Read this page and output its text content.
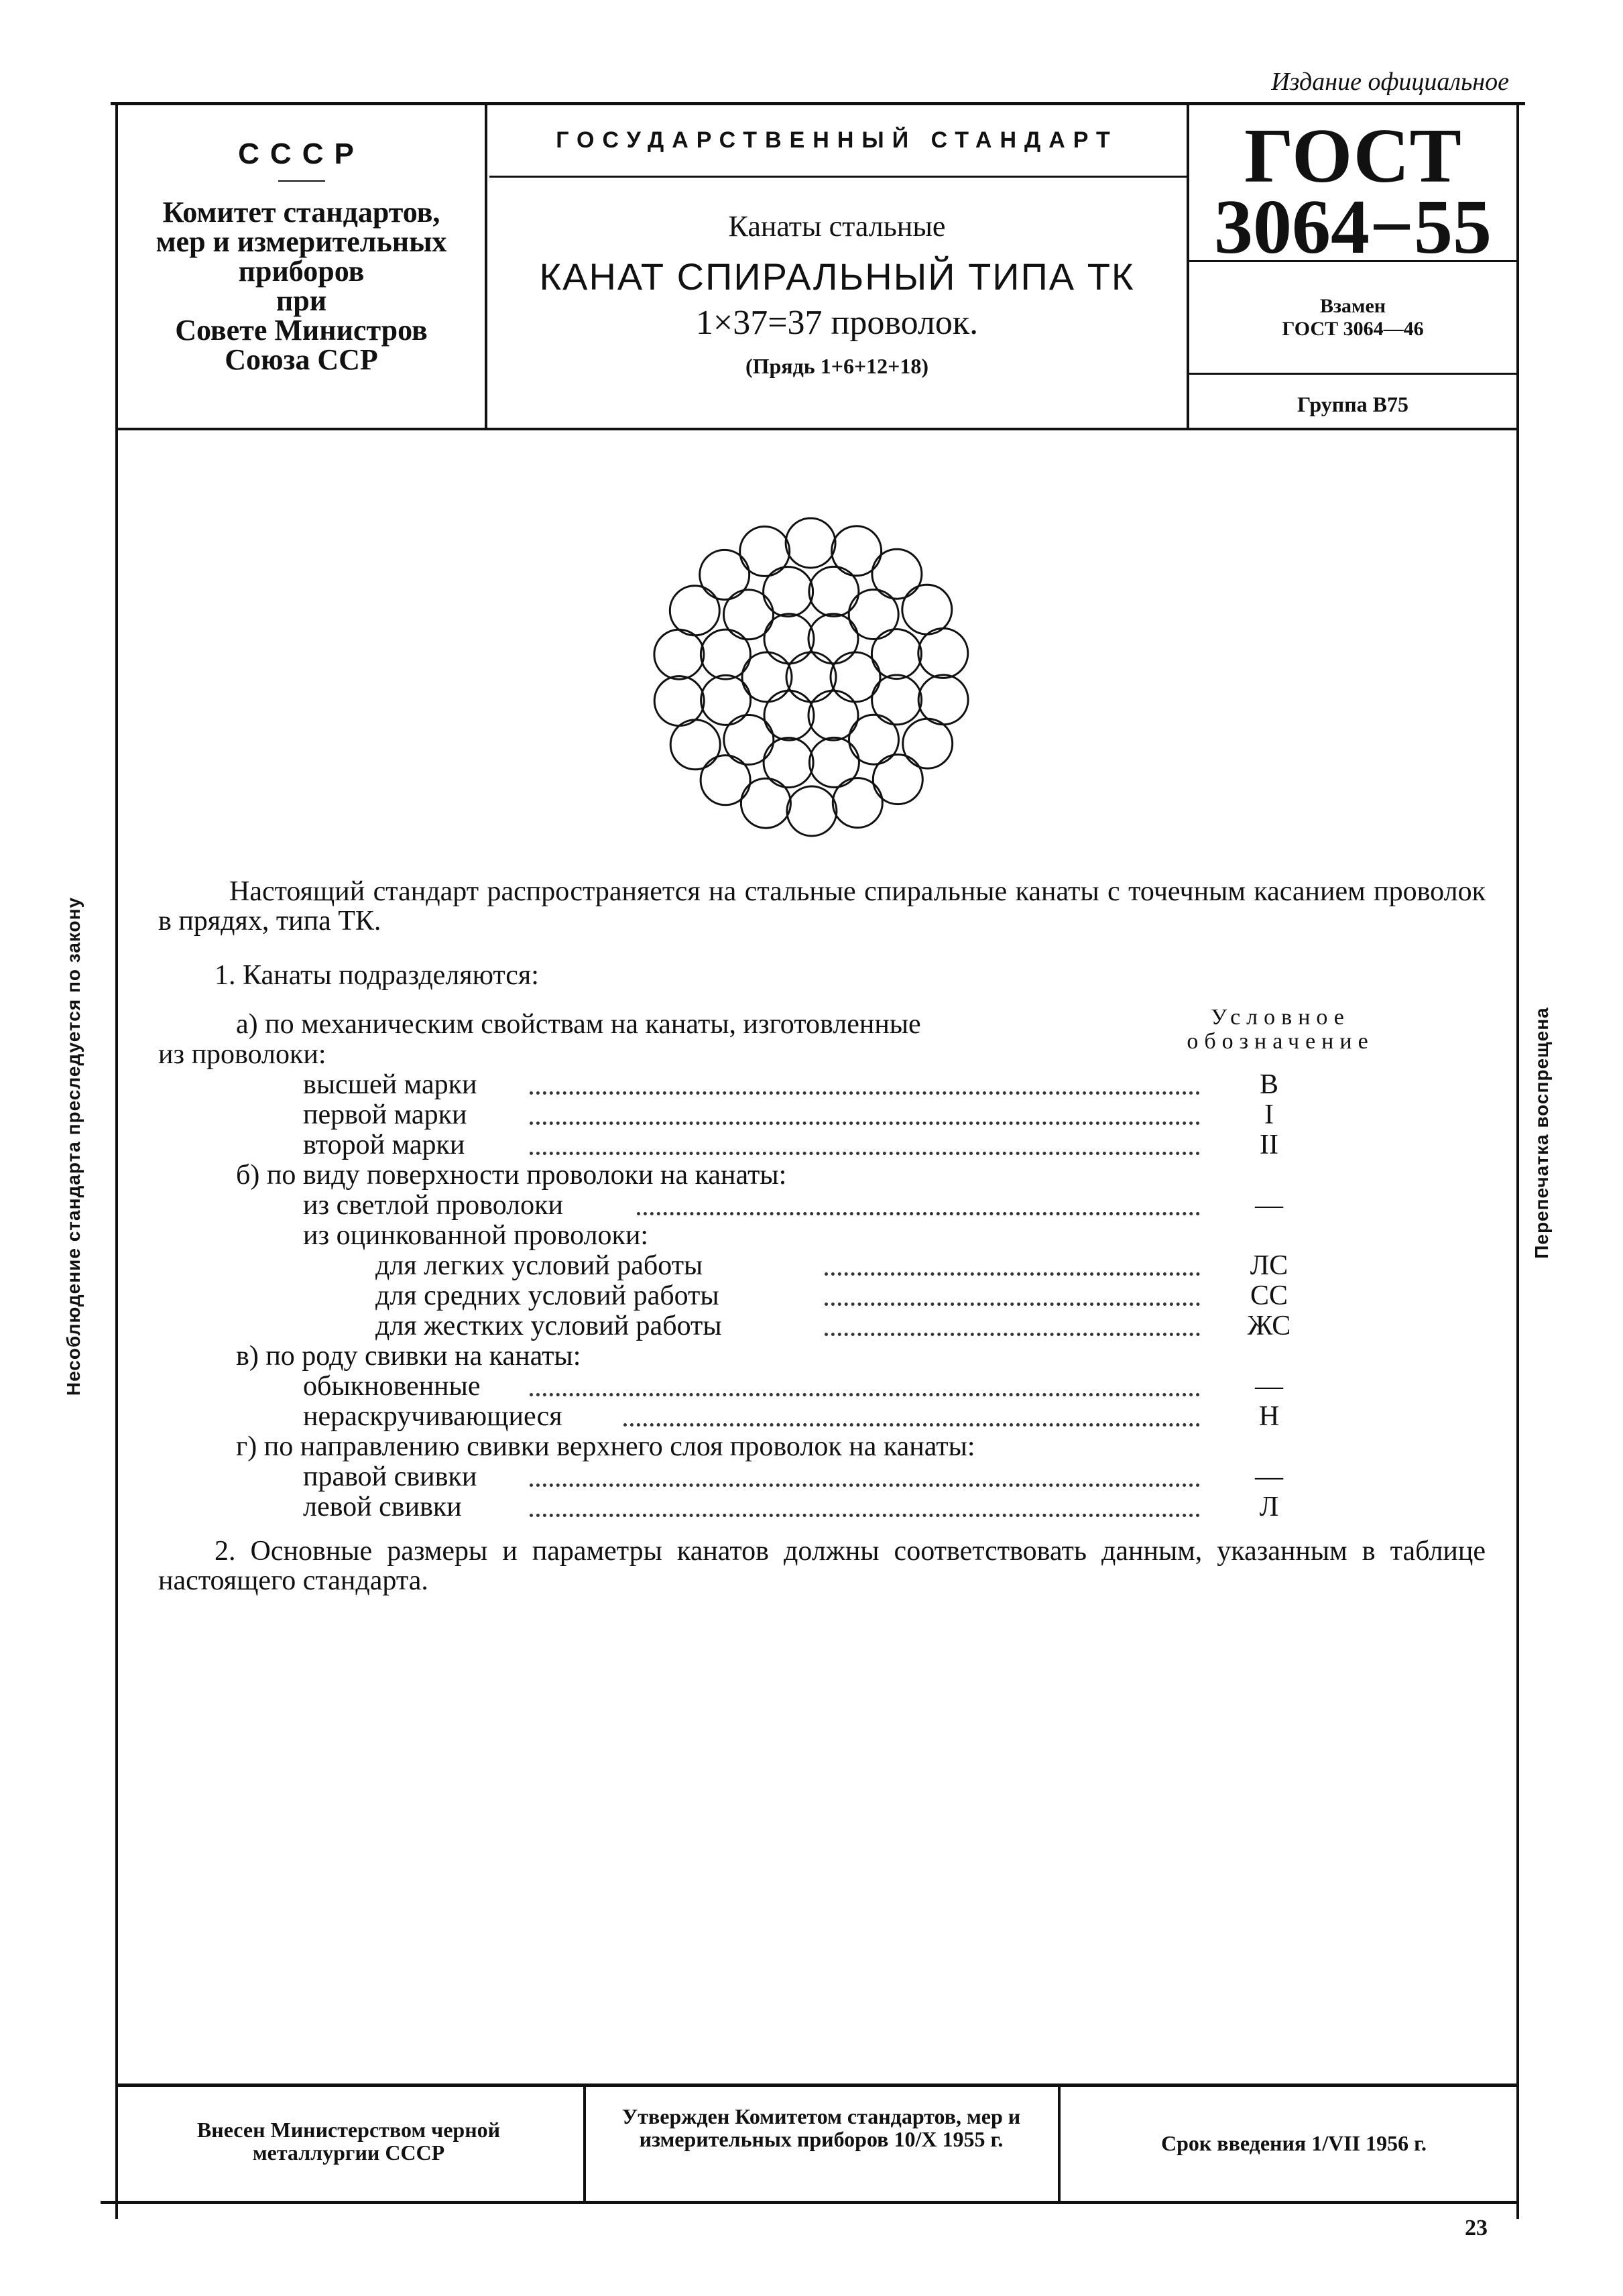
Издание официальное
СССР
Комитет стандартов,
мер и измерительных
приборов
при
Совете Министров
Союза ССР
ГОСУДАРСТВЕННЫЙ СТАНДАРТ
Канаты стальные
КАНАТ СПИРАЛЬНЫЙ ТИПА ТК
1×37=37 проволок.
(Прядь 1+6+12+18)
ГОСТ
3064−55
Взамен
ГОСТ 3064—46
Группа В75
Несоблюдение стандарта преследуется по закону	Перепечатка воспрещена
Настоящий стандарт распространяется на стальные спиральные канаты с точечным касанием проволок в прядях, типа ТК.
1. Канаты подразделяются:
Условное
обозначение
а) по механическим свойствам на канаты, изготовленные
из проволоки:
высшей марки	В
первой марки	I
второй марки	II
б) по виду поверхности проволоки на канаты:
из светлой проволоки	—
из оцинкованной проволоки:
для легких условий работы	ЛС
для средних условий работы	СС
для жестких условий работы	ЖС
в) по роду свивки на канаты:
обыкновенные	—
нераскручивающиеся	Н
г) по направлению свивки верхнего слоя проволок на канаты:
правой свивки	—
левой свивки	Л
2. Основные размеры и параметры канатов должны соответствовать данным, указанным в таблице настоящего стандарта.
Внесен Министерством черной металлургии СССР
Утвержден Комитетом стандартов, мер и измерительных приборов 10/X 1955 г.	Срок введения 1/VII 1956 г.
23
